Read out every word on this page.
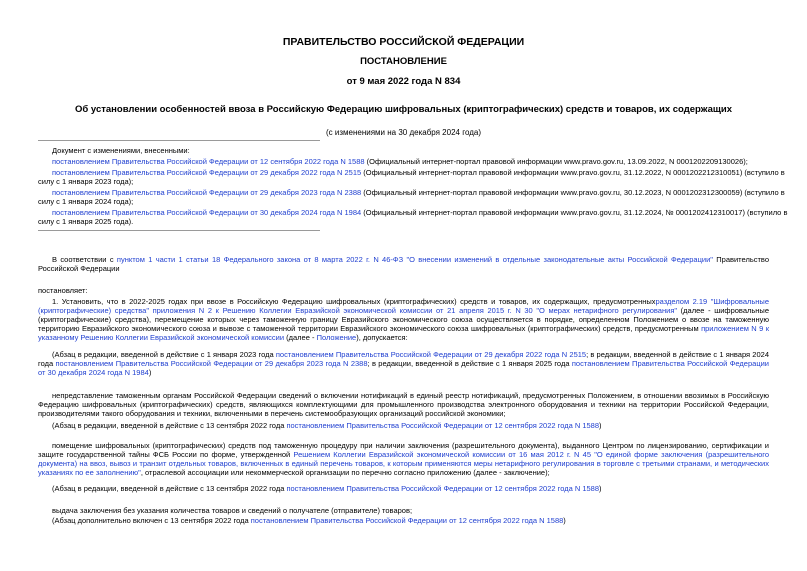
ПРАВИТЕЛЬСТВО РОССИЙСКОЙ ФЕДЕРАЦИИ
ПОСТАНОВЛЕНИЕ
от 9 мая 2022 года N 834
Об установлении особенностей ввоза в Российскую Федерацию шифровальных (криптографических) средств и товаров, их содержащих
(с изменениями на 30 декабря 2024 года)
Документ с изменениями, внесенными:
постановлением Правительства Российской Федерации от 12 сентября 2022 года N 1588 (Официальный интернет-портал правовой информации www.pravo.gov.ru, 13.09.2022, N 0001202209130026);
постановлением Правительства Российской Федерации от 29 декабря 2022 года N 2515 (Официальный интернет-портал правовой информации www.pravo.gov.ru, 31.12.2022, N 0001202212310051) (вступило в
силу с 1 января 2023 года);
постановлением Правительства Российской Федерации от 29 декабря 2023 года N 2388 (Официальный интернет-портал правовой информации www.pravo.gov.ru, 30.12.2023, N 0001202312300059) (вступило в
силу с 1 января 2024 года);
постановлением Правительства Российской Федерации от 30 декабря 2024 года N 1984 (Официальный интернет-портал правовой информации www.pravo.gov.ru, 31.12.2024, № 0001202412310017) (вступило в
силу с 1 января 2025 года).
В соответствии с пунктом 1 части 1 статьи 18 Федерального закона от 8 марта 2022 г. N 46-ФЗ "О внесении изменений в отдельные законодательные акты Российской Федерации" Правительство Российской Федерации
постановляет:
1. Установить, что в 2022-2025 годах при ввозе в Российскую Федерацию шифровальных (криптографических) средств и товаров, их содержащих, предусмотренныхразделом 2.19 "Шифровальные (криптографические) средства" приложения N 2 к Решению Коллегии Евразийской экономической комиссии от 21 апреля 2015 г. N 30 "О мерах нетарифного регулирования" (далее - шифровальные (криптографические) средства), перемещение которых через таможенную границу Евразийского экономического союза осуществляется в порядке, определенном Положением о ввозе на таможенную территорию Евразийского экономического союза и вывозе с таможенной территории Евразийского экономического союза шифровальных (криптографических) средств, предусмотренным приложением N 9 к указанному Решению Коллегии Евразийской экономической комиссии (далее - Положение), допускается:
(Абзац в редакции, введенной в действие с 1 января 2023 года постановлением Правительства Российской Федерации от 29 декабря 2022 года N 2515; в редакции, введенной в действие с 1 января 2024 года постановлением Правительства Российской Федерации от 29 декабря 2023 года N 2388; в редакции, введенной в действие с 1 января 2025 года постановлением Правительства Российской Федерации от 30 декабря 2024 года N 1984)
непредставление таможенным органам Российской Федерации сведений о включении нотификаций в единый реестр нотификаций, предусмотренных Положением, в отношении ввозимых в Российскую Федерацию шифровальных (криптографических) средств, являющихся комплектующими для промышленного производства электронного оборудования и техники на территории Российской Федерации, производителями такого оборудования и техники, включенными в перечень системообразующих организаций российской экономики;
(Абзац в редакции, введенной в действие с 13 сентября 2022 года постановлением Правительства Российской Федерации от 12 сентября 2022 года N 1588)
помещение шифровальных (криптографических) средств под таможенную процедуру при наличии заключения (разрешительного документа), выданного Центром по лицензированию, сертификации и защите государственной тайны ФСБ России по форме, утвержденной Решением Коллегии Евразийской экономической комиссии от 16 мая 2012 г. N 45 "О единой форме заключения (разрешительного документа) на ввоз, вывоз и транзит отдельных товаров, включенных в единый перечень товаров, к которым применяются меры нетарифного регулирования в торговле с третьими странами, и методических указаниях по ее заполнению", отраслевой ассоциации или некоммерческой организации по перечню согласно приложению (далее - заключение);
(Абзац в редакции, введенной в действие с 13 сентября 2022 года постановлением Правительства Российской Федерации от 12 сентября 2022 года N 1588)
выдача заключения без указания количества товаров и сведений о получателе (отправителе) товаров;
(Абзац дополнительно включен с 13 сентября 2022 года постановлением Правительства Российской Федерации от 12 сентября 2022 года N 1588)
